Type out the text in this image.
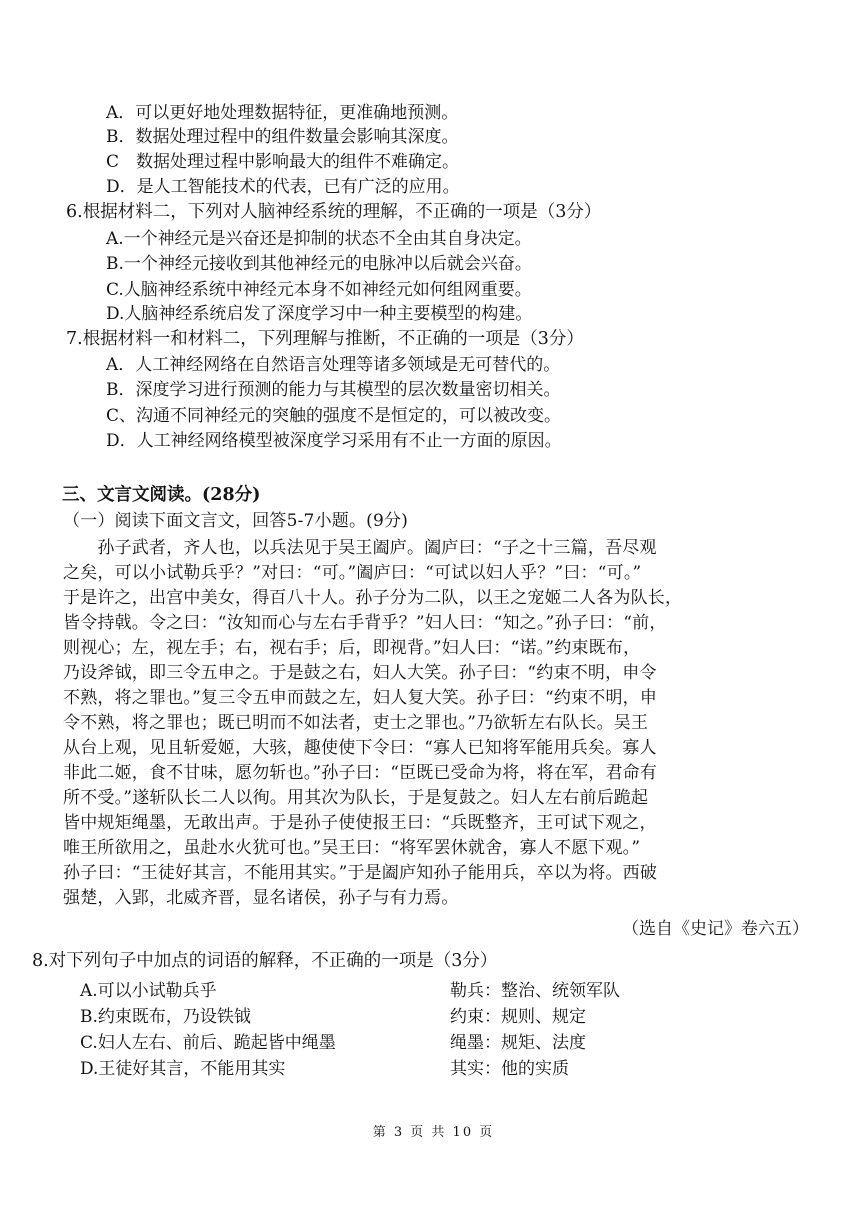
A．可以更好地处理数据特征，更准确地预测。
B．数据处理过程中的组件数量会影响其深度。
C　数据处理过程中影响最大的组件不难确定。
D．是人工智能技术的代表，已有广泛的应用。
6.根据材料二，下列对人脑神经系统的理解，不正确的一项是（3分）
A.一个神经元是兴奋还是抑制的状态不全由其自身决定。
B.一个神经元接收到其他神经元的电脉冲以后就会兴奋。
C.人脑神经系统中神经元本身不如神经元如何组网重要。
D.人脑神经系统启发了深度学习中一种主要模型的构建。
7.根据材料一和材料二，下列理解与推断，不正确的一项是（3分）
A．人工神经网络在自然语言处理等诸多领域是无可替代的。
B．深度学习进行预测的能力与其模型的层次数量密切相关。
C、沟通不同神经元的突触的强度不是恒定的，可以被改变。
D．人工神经网络模型被深度学习采用有不止一方面的原因。
三、文言文阅读。(28分)
（一）阅读下面文言文，回答5-7小题。(9分)
　　孙子武者，齐人也，以兵法见于吴王阖庐。阖庐曰：“子之十三篇，吾尽观
之矣，可以小试勒兵乎？”对曰：“可。”阖庐曰：“可试以妇人乎？”曰：“可。”
于是许之，出宫中美女，得百八十人。孙子分为二队，以王之宠姬二人各为队长，
皆令持戟。令之曰：“汝知而心与左右手背乎？”妇人曰：“知之。”孙子曰：“前，
则视心；左，视左手；右，视右手；后，即视背。”妇人曰：“诺。”约束既布，
乃设斧钺，即三令五申之。于是鼓之右，妇人大笑。孙子曰：“约束不明，申令
不熟，将之罪也。”复三令五申而鼓之左，妇人复大笑。孙子曰：“约束不明，申
令不熟，将之罪也；既已明而不如法者，吏士之罪也。”乃欲斩左右队长。吴王
从台上观，见且斩爱姬，大骇，趣使使下令曰：“寡人已知将军能用兵矣。寡人
非此二姬，食不甘味，愿勿斩也。”孙子曰：“臣既已受命为将，将在军，君命有
所不受。”遂斩队长二人以徇。用其次为队长，于是复鼓之。妇人左右前后跪起
皆中规矩绳墨，无敢出声。于是孙子使使报王曰：“兵既整齐，王可试下观之，
唯王所欲用之，虽赴水火犹可也。”吴王曰：“将军罢休就舍，寡人不愿下观。”
孙子曰：“王徒好其言，不能用其实。”于是阖庐知孙子能用兵，卒以为将。西破
强楚，入郢，北威齐晋，显名诸侯，孙子与有力焉。
（选自《史记》卷六五）
8.对下列句子中加点的词语的解释，不正确的一项是（3分）
A.可以小试勒兵乎	勒兵：整治、统领军队
B.约束既布，乃设铁钺	约束：规则、规定
C.妇人左右、前后、跪起皆中绳墨	绳墨：规矩、法度
D.王徒好其言，不能用其实	其实：他的实质
第 3 页 共 10 页
